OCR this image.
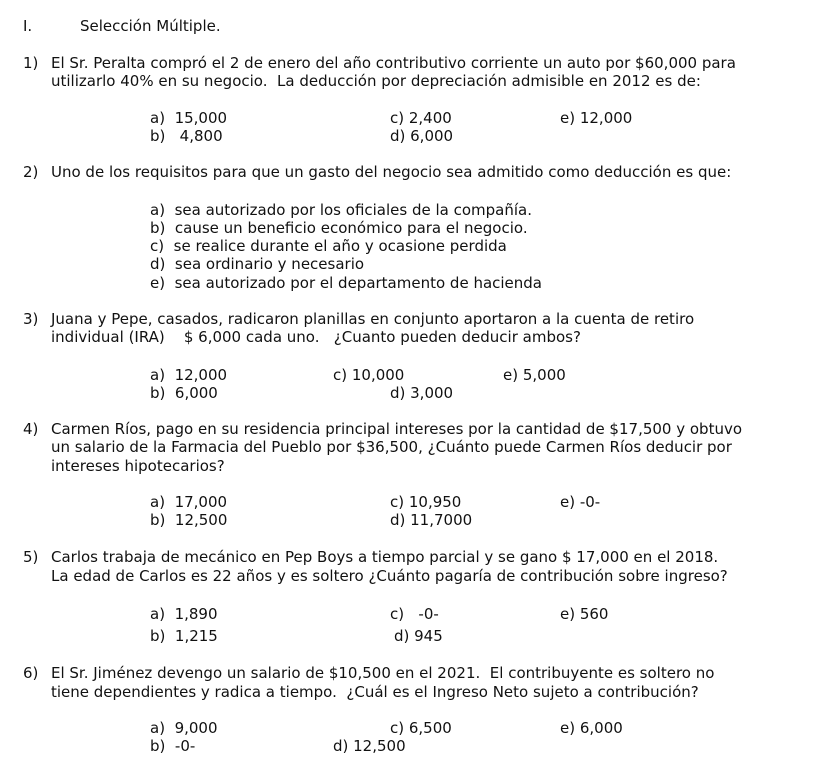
I.	Selección Múltiple.
1) El Sr. Peralta compró el 2 de enero del año contributivo corriente un auto por $60,000 para
utilizarlo 40% en su negocio.  La deducción por depreciación admisible en 2012 es de:
a)  15,000
b)   4,800
c) 2,400
d) 6,000
e) 12,000
2) Uno de los requisitos para que un gasto del negocio sea admitido como deducción es que:
a)  sea autorizado por los oficiales de la compañía.
b)  cause un beneficio económico para el negocio.
c)  se realice durante el año y ocasione perdida
d)  sea ordinario y necesario
e)  sea autorizado por el departamento de hacienda
3) Juana y Pepe, casados, radicaron planillas en conjunto aportaron a la cuenta de retiro
individual (IRA)    $ 6,000 cada uno.   ¿Cuanto pueden deducir ambos?
a)  12,000
b)  6,000
c) 10,000
d) 3,000
e) 5,000
4) Carmen Ríos, pago en su residencia principal intereses por la cantidad de $17,500 y obtuvo
un salario de la Farmacia del Pueblo por $36,500, ¿Cuánto puede Carmen Ríos deducir por
intereses hipotecarios?
a)  17,000
b)  12,500
c) 10,950
d) 11,7000
e) -0-
5) Carlos trabaja de mecánico en Pep Boys a tiempo parcial y se gano $ 17,000 en el 2018.
La edad de Carlos es 22 años y es soltero ¿Cuánto pagaría de contribución sobre ingreso?
a)  1,890
b)  1,215
c)   -0-
d) 945
e) 560
6) El Sr. Jiménez devengo un salario de $10,500 en el 2021.  El contribuyente es soltero no
tiene dependientes y radica a tiempo.  ¿Cuál es el Ingreso Neto sujeto a contribución?
a)  9,000
b)  -0-
c) 6,500
d) 12,500
e) 6,000
